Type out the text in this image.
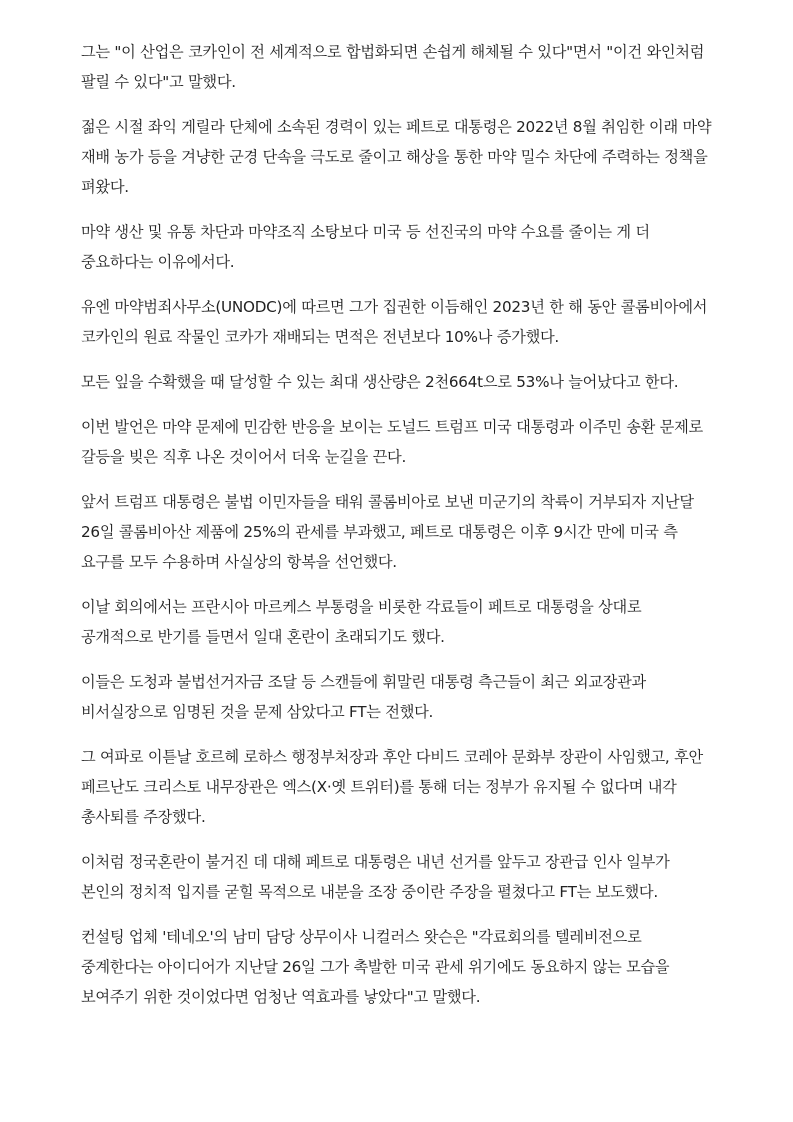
그는 "이 산업은 코카인이 전 세계적으로 합법화되면 손쉽게 해체될 수 있다"면서 "이건 와인처럼 팔릴 수 있다"고 말했다.

젊은 시절 좌익 게릴라 단체에 소속된 경력이 있는 페트로 대통령은 2022년 8월 취임한 이래 마약 재배 농가 등을 겨냥한 군경 단속을 극도로 줄이고 해상을 통한 마약 밀수 차단에 주력하는 정책을 펴왔다.

마약 생산 및 유통 차단과 마약조직 소탕보다 미국 등 선진국의 마약 수요를 줄이는 게 더 중요하다는 이유에서다.

유엔 마약범죄사무소(UNODC)에 따르면 그가 집권한 이듬해인 2023년 한 해 동안 콜롬비아에서 코카인의 원료 작물인 코카가 재배되는 면적은 전년보다 10%나 증가했다.

모든 잎을 수확했을 때 달성할 수 있는 최대 생산량은 2천664t으로 53%나 늘어났다고 한다.

이번 발언은 마약 문제에 민감한 반응을 보이는 도널드 트럼프 미국 대통령과 이주민 송환 문제로 갈등을 빚은 직후 나온 것이어서 더욱 눈길을 끈다.

앞서 트럼프 대통령은 불법 이민자들을 태워 콜롬비아로 보낸 미군기의 착륙이 거부되자 지난달 26일 콜롬비아산 제품에 25%의 관세를 부과했고, 페트로 대통령은 이후 9시간 만에 미국 측 요구를 모두 수용하며 사실상의 항복을 선언했다.

이날 회의에서는 프란시아 마르케스 부통령을 비롯한 각료들이 페트로 대통령을 상대로 공개적으로 반기를 들면서 일대 혼란이 초래되기도 했다.

이들은 도청과 불법선거자금 조달 등 스캔들에 휘말린 대통령 측근들이 최근 외교장관과 비서실장으로 임명된 것을 문제 삼았다고 FT는 전했다.

그 여파로 이튿날 호르헤 로하스 행정부처장과 후안 다비드 코레아 문화부 장관이 사임했고, 후안 페르난도 크리스토 내무장관은 엑스(X·옛 트위터)를 통해 더는 정부가 유지될 수 없다며 내각 총사퇴를 주장했다.

이처럼 정국혼란이 불거진 데 대해 페트로 대통령은 내년 선거를 앞두고 장관급 인사 일부가 본인의 정치적 입지를 굳힐 목적으로 내분을 조장 중이란 주장을 펼쳤다고 FT는 보도했다.

컨설팅 업체 '테네오'의 남미 담당 상무이사 니컬러스 왓슨은 "각료회의를 텔레비전으로 중계한다는 아이디어가 지난달 26일 그가 촉발한 미국 관세 위기에도 동요하지 않는 모습을 보여주기 위한 것이었다면 엄청난 역효과를 낳았다"고 말했다.
